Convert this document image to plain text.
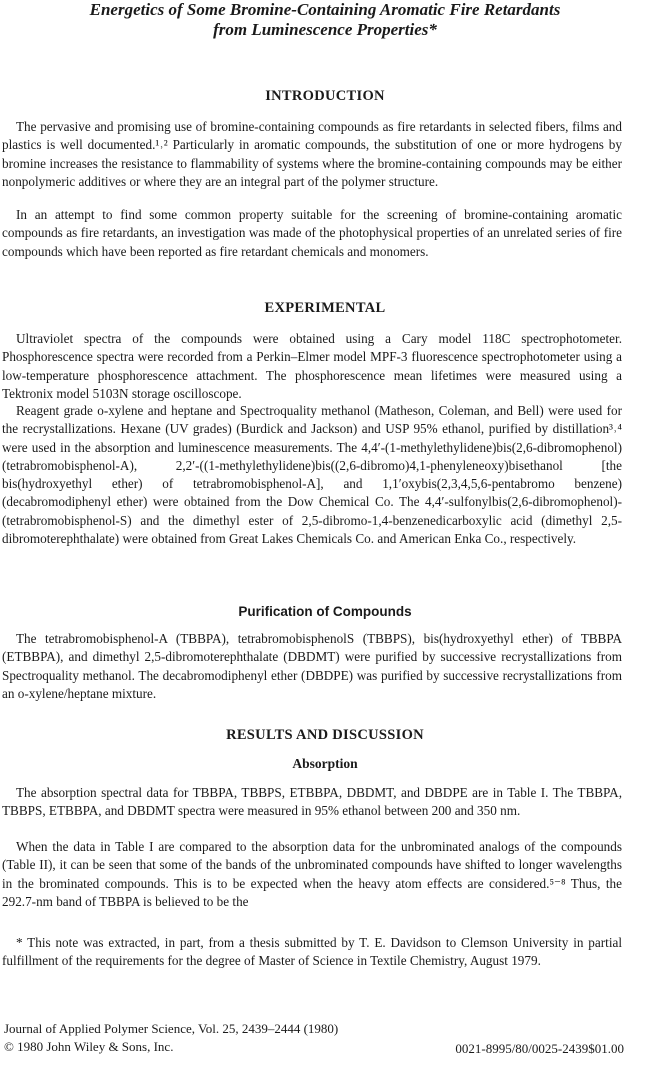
Energetics of Some Bromine-Containing Aromatic Fire Retardants
from Luminescence Properties*
INTRODUCTION

The pervasive and promising use of bromine-containing compounds as fire retardants in selected fibers, films and plastics is well documented.¹˒² Particularly in aromatic compounds, the substitution of one or more hydrogens by bromine increases the resistance to flammability of systems where the bromine-containing compounds may be either nonpolymeric additives or where they are an integral part of the polymer structure.

In an attempt to find some common property suitable for the screening of bromine-containing aromatic compounds as fire retardants, an investigation was made of the photophysical properties of an unrelated series of fire compounds which have been reported as fire retardant chemicals and monomers.

EXPERIMENTAL

Ultraviolet spectra of the compounds were obtained using a Cary model 118C spectrophotometer. Phosphorescence spectra were recorded from a Perkin–Elmer model MPF-3 fluorescence spectrophotometer using a low-temperature phosphorescence attachment. The phosphorescence mean lifetimes were measured using a Tektronix model 5103N storage oscilloscope.

Reagent grade o-xylene and heptane and Spectroquality methanol (Matheson, Coleman, and Bell) were used for the recrystallizations. Hexane (UV grades) (Burdick and Jackson) and USP 95% ethanol, purified by distillation³˒⁴ were used in the absorption and luminescence measurements. The 4,4′-(1-methylethylidene)bis(2,6-dibromophenol)(tetrabromobisphenol-A), 2,2′-((1-methylethylidene)bis((2,6-dibromo)4,1-phenyleneoxy)bisethanol [the bis(hydroxyethyl ether) of tetrabromobisphenol-A], and 1,1′oxybis(2,3,4,5,6-pentabromo benzene) (decabromodiphenyl ether) were obtained from the Dow Chemical Co. The 4,4′-sulfonylbis(2,6-dibromophenol)-(tetrabromobisphenol-S) and the dimethyl ester of 2,5-dibromo-1,4-benzenedicarboxylic acid (dimethyl 2,5-dibromoterephthalate) were obtained from Great Lakes Chemicals Co. and American Enka Co., respectively.

Purification of Compounds

The tetrabromobisphenol-A (TBBPA), tetrabromobisphenolS (TBBPS), bis(hydroxyethyl ether) of TBBPA (ETBBPA), and dimethyl 2,5-dibromoterephthalate (DBDMT) were purified by successive recrystallizations from Spectroquality methanol. The decabromodiphenyl ether (DBDPE) was purified by successive recrystallizations from an o-xylene/heptane mixture.

RESULTS AND DISCUSSION
Absorption

The absorption spectral data for TBBPA, TBBPS, ETBBPA, DBDMT, and DBDPE are in Table I. The TBBPA, TBBPS, ETBBPA, and DBDMT spectra were measured in 95% ethanol between 200 and 350 nm.

When the data in Table I are compared to the absorption data for the unbrominated analogs of the compounds (Table II), it can be seen that some of the bands of the unbrominated compounds have shifted to longer wavelengths in the brominated compounds. This is to be expected when the heavy atom effects are considered.⁵⁻⁸ Thus, the 292.7-nm band of TBBPA is believed to be the

* This note was extracted, in part, from a thesis submitted by T. E. Davidson to Clemson University in partial fulfillment of the requirements for the degree of Master of Science in Textile Chemistry, August 1979.

Journal of Applied Polymer Science, Vol. 25, 2439–2444 (1980)

© 1980 John Wiley & Sons, Inc.	0021-8995/80/0025-2439$01.00
